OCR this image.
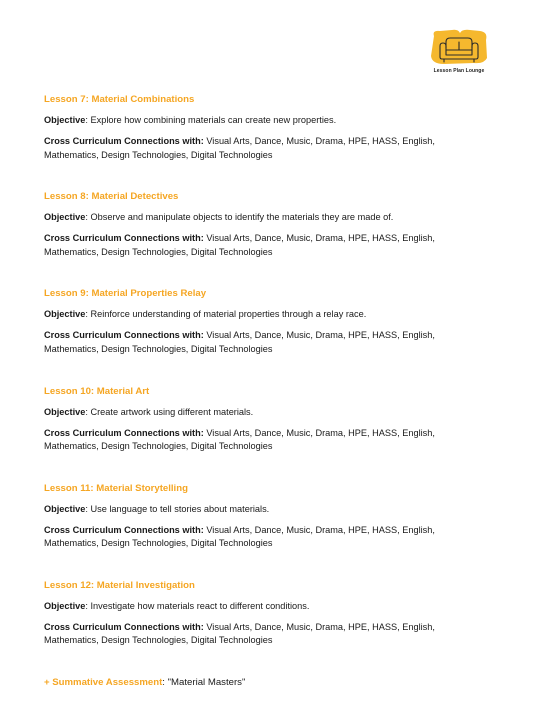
Lesson Plan Lounge

Lesson 7: Material Combinations

Objective: Explore how combining materials can create new properties.

Cross Curriculum Connections with: Visual Arts, Dance, Music, Drama, HPE, HASS, English,
Mathematics, Design Technologies, Digital Technologies

Lesson 8: Material Detectives

Objective: Observe and manipulate objects to identify the materials they are made of.

Cross Curriculum Connections with: Visual Arts, Dance, Music, Drama, HPE, HASS, English,
Mathematics, Design Technologies, Digital Technologies

Lesson 9: Material Properties Relay

Objective: Reinforce understanding of material properties through a relay race.

Cross Curriculum Connections with: Visual Arts, Dance, Music, Drama, HPE, HASS, English,
Mathematics, Design Technologies, Digital Technologies

Lesson 10: Material Art

Objective: Create artwork using different materials.

Cross Curriculum Connections with: Visual Arts, Dance, Music, Drama, HPE, HASS, English,
Mathematics, Design Technologies, Digital Technologies

Lesson 11: Material Storytelling

Objective: Use language to tell stories about materials.

Cross Curriculum Connections with: Visual Arts, Dance, Music, Drama, HPE, HASS, English,
Mathematics, Design Technologies, Digital Technologies

Lesson 12: Material Investigation

Objective: Investigate how materials react to different conditions.

Cross Curriculum Connections with: Visual Arts, Dance, Music, Drama, HPE, HASS, English,
Mathematics, Design Technologies, Digital Technologies

+ Summative Assessment: "Material Masters"
